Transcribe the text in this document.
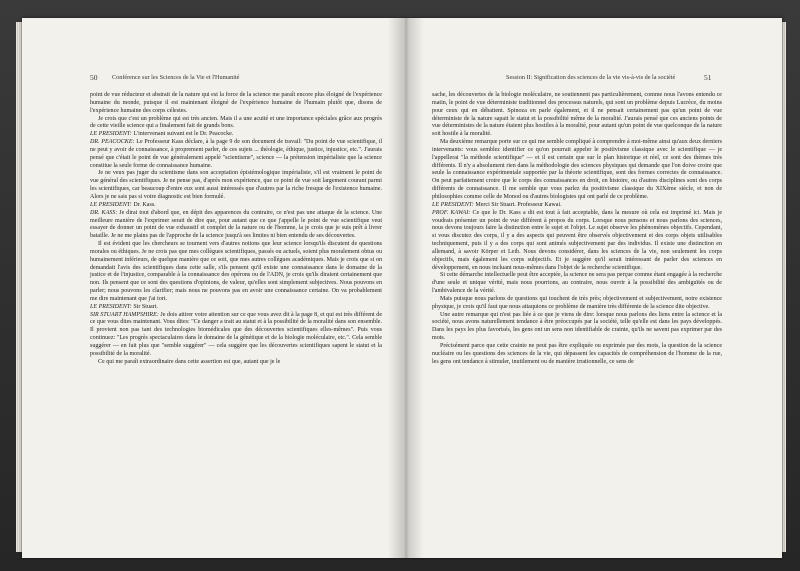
50 Conférence sur les Sciences de la Vie et l'Humanité

point de vue réducteur et abstrait de la nature qui est la force de la science me paraît encore plus éloigné de l'expérience humaine du monde, puisque il est maintenant éloigné de l'expérience humaine de l'humain plutôt que, disons de l'expérience humaine des corps célestes.

Je crois que c'est un problème qui est très ancien. Mais il a une acuité et une importance spéciales grâce aux progrès de cette vieille science qui a finalement fait de grands bons.

LE PRESIDENT: L'intervenant suivant est le Dr. Peacocke.

DR. PEACOCKE: Le Professeur Kass déclare, à la page 9 de son document de travail: "Du point de vue scientifique, il ne peut y avoir de connaissance, à proprement parler, de ces sujets ... théologie, éthique, justice, injustice, etc.". J'aurais pensé que c'était le point de vue généralement appelé "scientisme", science — la prétension impérialiste que la science constitue la seule forme de connaissance humaine.

Je ne veux pas juger du scientisme dans son acceptation épistémologique impérialiste, s'il est vraiment le point de vue général des scientifiques. Je ne pense pas, d'après mon expérience, que ce point de vue soit largement courant parmi les scientifiques, car beaucoup d'entre eux sont aussi intéressés que d'autres par la riche fresque de l'existence humaine. Alors je ne sais pas si votre diagnostic est bien formulé.

LE PRESIDENT: Dr. Kass.

DR. KASS: Je dirai tout d'abord que, en dépit des apparences du contraire, ce n'est pas une attaque de la science. Une meilleure manière de l'exprimer serait de dire que, pour autant que ce que j'appelle le point de vue scientifique veut essayer de donner un point de vue exhaustif et complet de la nature ou de l'homme, la je crois que je suis prêt à livrer bataille. Je ne me plains pas de l'approche de la science jusqu'à ses limites ni bien entendu de ses découvertes.

Il est évident que les chercheurs se tournent vers d'autres notions que leur science lorsqu'ils discutent de questions morales ou éthiques. Je ne crois pas que mes collègues scientifiques, passés ou actuels, soient plus moralement obtus ou humainement inférieurs, de quelque manière que ce soit, que mes autres collègues académiques. Mais je crois que si on demandait l'avis des scientifiques dans cette salle, s'ils pensent qu'il existe une connaissance dans le domaine de la justice et de l'injustice, comparable à la connaissance des opérons ou de l'ADN, je crois qu'ils diraient certainement que non. Ils pensent que ce sont des questions d'opinions, de valeur, qu'elles sont simplement subjectives. Nous pouvons en parler; nous pouvons les clarifier; mais nous ne pouvons pas en avoir une connaissance certaine. On va probablement me dire maintenant que j'ai tort.

LE PRESIDENT: Sir Stuart.

SIR STUART HAMPSHIRE: Je dois attirer votre attention sur ce que vous avez dit à la page 8, et qui est très différent de ce que vous dites maintenant. Vous dites: "Ce danger a trait au statut et à la possibilité de la moralité dans son ensemble. Il provient non pas tant des technologies biomédicales que des découvertes scientifiques elles-mêmes". Puis vous continuez: "Les progrès spectaculaires dans le domaine de la génétique et de la biologie moléculaire, etc.". Cela semble suggérer — en fait plus que "semble suggérer" — cela suggère que les découvertes scientifiques sapent le statut et la possibilité de la moralité.

Ce qui me paraît extraordinaire dans cette assertion est que, autant que je le

Session II: Signification des sciences de la vie vis-à-vis de la société	51

sache, les découvertes de la biologie moléculaire, ne soutiennent pas particulièrement, comme nous l'avons entendu ce matin, le point de vue déterministe traditionnel des processus naturels, qui sont un problème depuis Lucrèce, du moins pour ceux qui en débattent. Spinoza en parle également, et il ne pensait certainement pas qu'un point de vue déterministe de la nature sapait le statut et la possibilité même de la moralité. J'aurais pensé que ces anciens points de vue déterministes de la nature étaient plus hostiles à la moralité, pour autant qu'un point de vue quelconque de la nature soit hostile à la moralité.

Ma deuxième remarque porte sur ce qui me semble compliqué à comprendre à moi-même ainsi qu'aux deux derniers intervenants: vous semblez identifier ce qu'on pourrait appeler le positivisme classique avec le scientifique — je l'appellerai "la méthode scientifique" — et il est certain que sur le plan historique et réel, ce sont des thèmes très différents. Il n'y a absolument rien dans la méthodologie des sciences physiques qui demande que l'on doive croire que seule la connaissance expérimentale supportée par la théorie scientifique, sont des formes correctes de connaissance. On peut parfaitement croire que le corps des connaissances en droit, en histoire, ou d'autres disciplines sont des corps différents de connaissance. Il me semble que vous parlez du positivisme classique du XIXème siècle, et non de philosophies comme celle de Monod ou d'autres biologistes qui ont parlé de ce problème.

LE PRESIDENT: Merci Sir Stuart. Professeur Kawai.

PROF. KAWAI: Ce que le Dr. Kass a dit est tout à fait acceptable, dans la mesure où cela est imprimé ici. Mais je voudrais présenter un point de vue différent à propos du corps. Lorsque nous pensons et nous parlons des sciences, nous devons toujours faire la distinction entre le sujet et l'objet. Le sujet observe les phénomènes objectifs. Cependant, si vous discutez des corps, il y a des aspects qui peuvent être observés objectivement et des corps objets utilisables techniquement, puis il y a des corps qui sont animés subjectivement par des individus. Il existe une distinction en allemand, à savoir Körper et Leib. Nous devons considérer, dans les sciences de la vie, non seulement les corps objectifs, mais également les corps subjectifs. Et je suggère qu'il serait intéressant de parler des sciences en développement, en nous incluant nous-mêmes dans l'objet de la recherche scientifique.

Si cette démarche intellectuelle peut être acceptée, la science ne sera pas perçue comme étant engagée à la recherche d'une seule et unique vérité, mais nous pourrions, au contraire, nous ouvrir à la possibilité des ambiguïtés ou de l'ambivalence de la vérité.

Mais puisque nous parlons de questions qui touchent de très près; objectivement et subjectivement, notre existence physique, je crois qu'il faut que nous attaquions ce problème de manière très différente de la science dite objective.

Une autre remarque qui n'est pas liée à ce que je viens de dire: lorsque nous parlons des liens entre la science et la société, nous avons naturellement tendance à être préoccupés par la société, telle qu'elle est dans les pays développés. Dans les pays les plus favorisés, les gens ont un sens non identifiable de crainte, qu'ils ne savent pas exprimer par des mots.

Précisément parce que cette crainte ne peut pas être expliquée ou exprimée par des mots, la question de la science nucléaire ou les questions des sciences de la vie, qui dépassent les capacités de compréhension de l'homme de la rue, les gens ont tendance à stimuler, inutilement ou de manière irrationnelle, ce sens de
